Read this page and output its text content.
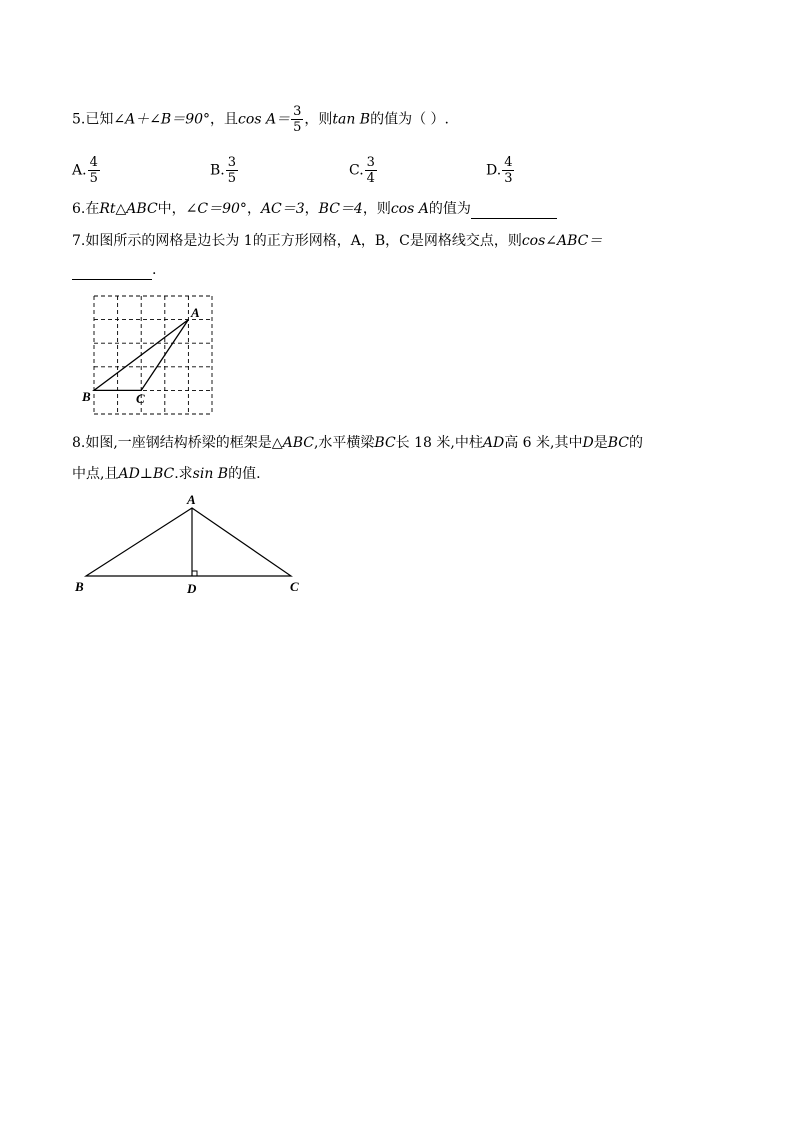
5.已知∠A＋∠B＝90°，且$\cos A= \frac{3}{5}$ ，则tan B的值为（ ）.
A. $\frac{4}{5}$	B. $\frac{3}{5}$	C. $\frac{3}{4}$	D. $\frac{4}{3}$
6.在Rt△ABC中，∠C＝90°，AC＝3，BC＝4，则cos A的值为
7.如图所示的网格是边长为 1的正方形网格，A，B，C是网格线交点，则cos∠ABC＝
.
A
B	C
8.如图,一座钢结构桥梁的框架是△ABC,水平横梁BC长 18 米,中柱AD高 6 米,其中D是BC的
中点,且AD⊥BC.求sin B的值.
A
B	D	C
